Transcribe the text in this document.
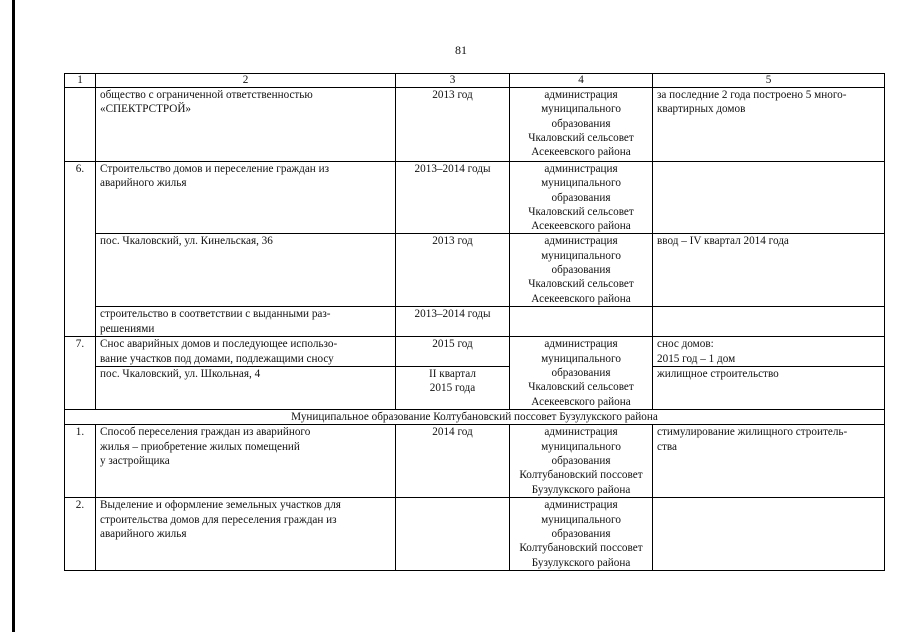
81
1	2	3	4	5

	общество с ограниченной ответственностью
«СПЕКТРСТРОЙ»	2013 год	администрация
муниципального
образования
Чкаловский сельсовет
Асекеевского района	за последние 2 года построено 5 много-
квартирных домов

6.	Строительство домов и переселение граждан из
аварийного жилья	2013–2014 годы	администрация
муниципального
образования
Чкаловский сельсовет
Асекеевского района	

	пос. Чкаловский, ул. Кинельская, 36	2013 год	администрация
муниципального
образования
Чкаловский сельсовет
Асекеевского района	ввод – IV квартал 2014 года

	строительство в соответствии с выданными раз-
решениями	2013–2014 годы		
7.	Снос аварийных домов и последующее использо-
вание участков под домами, подлежащими сносу	2015 год	администрация
муниципального
образования
Чкаловский сельсовет
Асекеевского района	снос домов:
2015 год – 1 дом

	пос. Чкаловский, ул. Школьная, 4	II квартал
2015 года		жилищное строительство

Муниципальное образование Колтубановский поссовет Бузулукского района				
1.	Способ переселения граждан из аварийного
жилья – приобретение жилых помещений
у застройщика	2014 год	администрация
муниципального
образования
Колтубановский поссовет
Бузулукского района	стимулирование жилищного строитель-
ства

2.	Выделение и оформление земельных участков для
строительства домов для переселения граждан из
аварийного жилья		администрация
муниципального
образования
Колтубановский поссовет
Бузулукского района	
